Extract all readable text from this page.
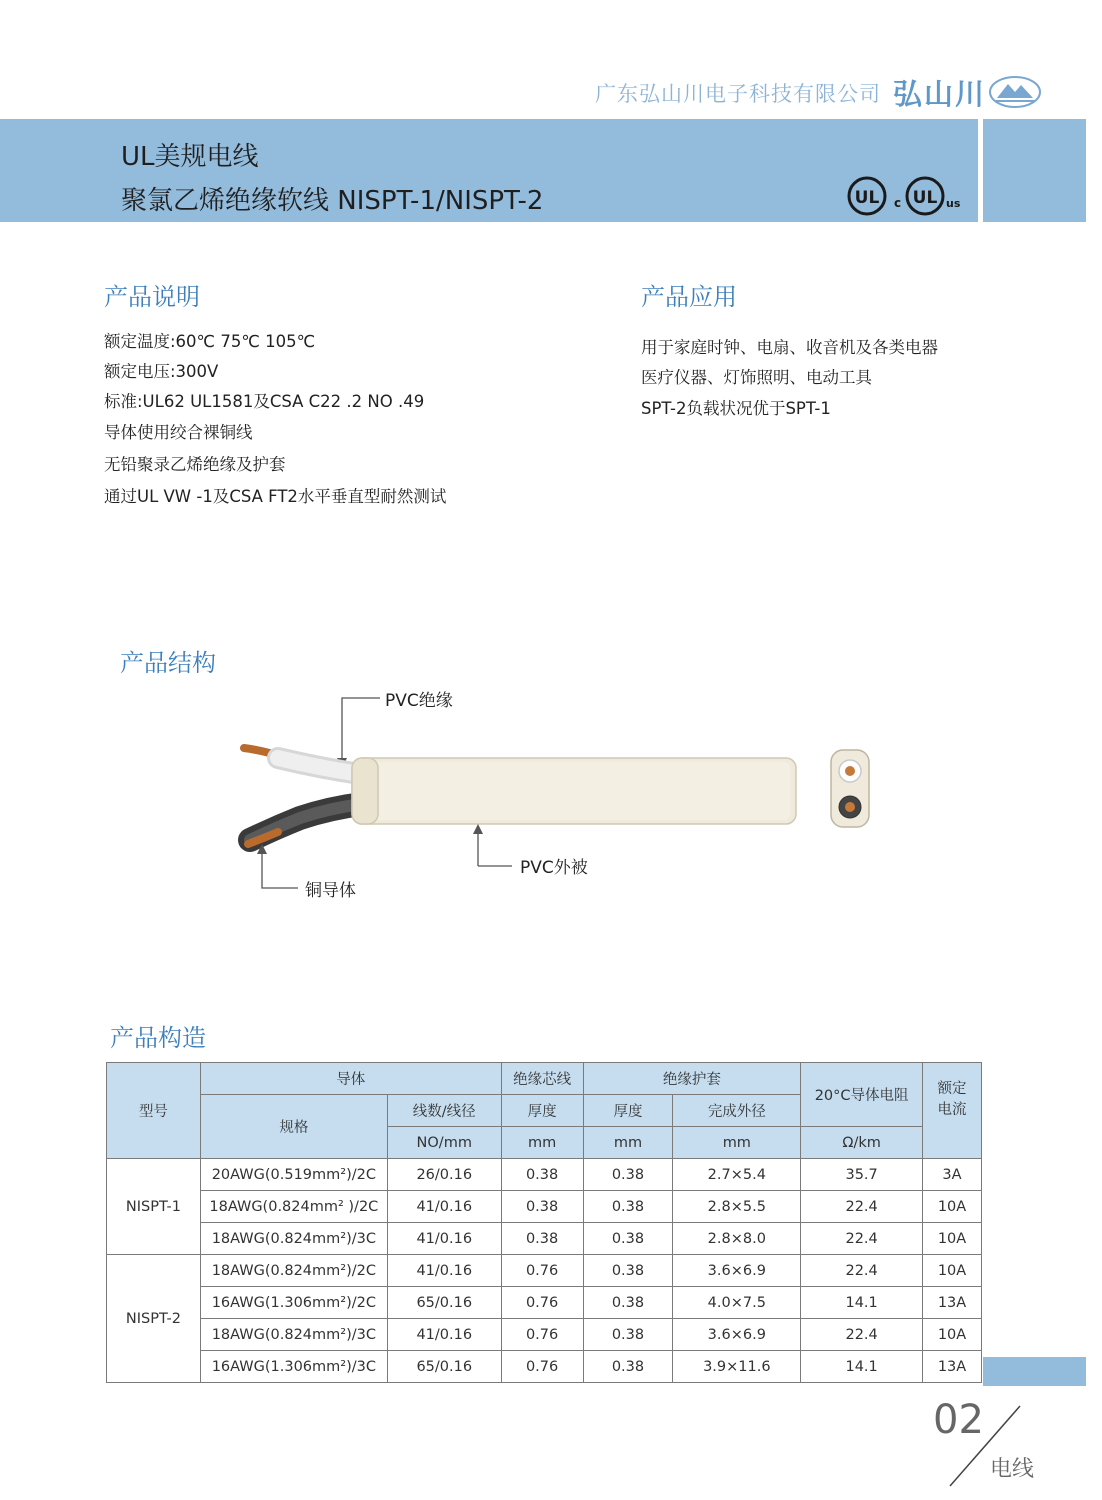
广东弘山川电子科技有限公司 弘山川
UL美规电线
聚氯乙烯绝缘软线 NISPT-1/NISPT-2	UL c UL us
产品说明
额定温度:60℃ 75℃ 105℃
额定电压:300V
标准:UL62 UL1581及CSA C22 .2 NO .49
导体使用绞合裸铜线
无铅聚录乙烯绝缘及护套
通过UL VW -1及CSA FT2水平垂直型耐然测试
产品应用
用于家庭时钟、电扇、收音机及各类电器
医疗仪器、灯饰照明、电动工具
SPT-2负载状况优于SPT-1
产品结构
PVC绝缘
PVC外被
铜导体
产品构造
型号	导体		绝缘芯线	绝缘护套		20°C导体电阻	额定电流
	规格	线数/线径	厚度	厚度	完成外径		
		NO/mm	mm	mm	mm	Ω/km	
NISPT-1	20AWG(0.519mm²)/2C	26/0.16	0.38	0.38	2.7×5.4	35.7	3A
	18AWG(0.824mm² )/2C	41/0.16	0.38	0.38	2.8×5.5	22.4	10A
	18AWG(0.824mm²)/3C	41/0.16	0.38	0.38	2.8×8.0	22.4	10A
NISPT-2	18AWG(0.824mm²)/2C	41/0.16	0.76	0.38	3.6×6.9	22.4	10A
	16AWG(1.306mm²)/2C	65/0.16	0.76	0.38	4.0×7.5	14.1	13A
	18AWG(0.824mm²)/3C	41/0.16	0.76	0.38	3.6×6.9	22.4	10A
	16AWG(1.306mm²)/3C	65/0.16	0.76	0.38	3.9×11.6	14.1	13A
02
电线
